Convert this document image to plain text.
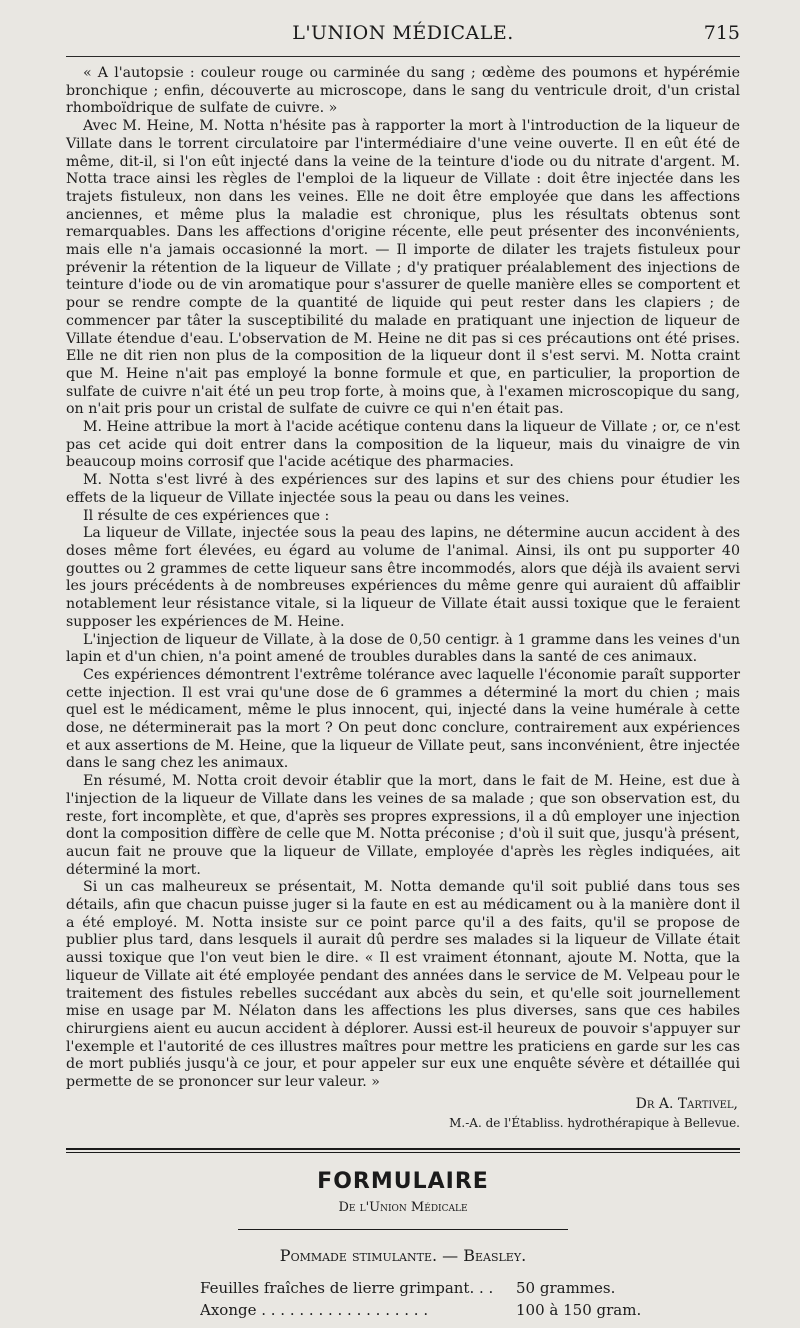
L'UNION MÉDICALE.	715

« A l'autopsie : couleur rouge ou carminée du sang ; œdème des poumons et hypérémie bronchique ; enfin, découverte au microscope, dans le sang du ventricule droit, d'un cristal rhomboïdrique de sulfate de cuivre. »

Avec M. Heine, M. Notta n'hésite pas à rapporter la mort à l'introduction de la liqueur de Villate dans le torrent circulatoire par l'intermédiaire d'une veine ouverte. Il en eût été de même, dit-il, si l'on eût injecté dans la veine de la teinture d'iode ou du nitrate d'argent. M. Notta trace ainsi les règles de l'emploi de la liqueur de Villate : doit être injectée dans les trajets fistuleux, non dans les veines. Elle ne doit être employée que dans les affections anciennes, et même plus la maladie est chronique, plus les résultats obtenus sont remarquables. Dans les affections d'origine récente, elle peut présenter des inconvénients, mais elle n'a jamais occasionné la mort. — Il importe de dilater les trajets fistuleux pour prévenir la rétention de la liqueur de Villate ; d'y pratiquer préalablement des injections de teinture d'iode ou de vin aromatique pour s'assurer de quelle manière elles se comportent et pour se rendre compte de la quantité de liquide qui peut rester dans les clapiers ; de commencer par tâter la susceptibilité du malade en pratiquant une injection de liqueur de Villate étendue d'eau. L'observation de M. Heine ne dit pas si ces précautions ont été prises. Elle ne dit rien non plus de la composition de la liqueur dont il s'est servi. M. Notta craint que M. Heine n'ait pas employé la bonne formule et que, en particulier, la proportion de sulfate de cuivre n'ait été un peu trop forte, à moins que, à l'examen microscopique du sang, on n'ait pris pour un cristal de sulfate de cuivre ce qui n'en était pas.

M. Heine attribue la mort à l'acide acétique contenu dans la liqueur de Villate ; or, ce n'est pas cet acide qui doit entrer dans la composition de la liqueur, mais du vinaigre de vin beaucoup moins corrosif que l'acide acétique des pharmacies.

M. Notta s'est livré à des expériences sur des lapins et sur des chiens pour étudier les effets de la liqueur de Villate injectée sous la peau ou dans les veines.

Il résulte de ces expériences que :

La liqueur de Villate, injectée sous la peau des lapins, ne détermine aucun accident à des doses même fort élevées, eu égard au volume de l'animal. Ainsi, ils ont pu supporter 40 gouttes ou 2 grammes de cette liqueur sans être incommodés, alors que déjà ils avaient servi les jours précédents à de nombreuses expériences du même genre qui auraient dû affaiblir notablement leur résistance vitale, si la liqueur de Villate était aussi toxique que le feraient supposer les expériences de M. Heine.

L'injection de liqueur de Villate, à la dose de 0,50 centigr. à 1 gramme dans les veines d'un lapin et d'un chien, n'a point amené de troubles durables dans la santé de ces animaux.

Ces expériences démontrent l'extrême tolérance avec laquelle l'économie paraît supporter cette injection. Il est vrai qu'une dose de 6 grammes a déterminé la mort du chien ; mais quel est le médicament, même le plus innocent, qui, injecté dans la veine humérale à cette dose, ne déterminerait pas la mort ? On peut donc conclure, contrairement aux expériences et aux assertions de M. Heine, que la liqueur de Villate peut, sans inconvénient, être injectée dans le sang chez les animaux.

En résumé, M. Notta croit devoir établir que la mort, dans le fait de M. Heine, est due à l'injection de la liqueur de Villate dans les veines de sa malade ; que son observation est, du reste, fort incomplète, et que, d'après ses propres expressions, il a dû employer une injection dont la composition diffère de celle que M. Notta préconise ; d'où il suit que, jusqu'à présent, aucun fait ne prouve que la liqueur de Villate, employée d'après les règles indiquées, ait déterminé la mort.

Si un cas malheureux se présentait, M. Notta demande qu'il soit publié dans tous ses détails, afin que chacun puisse juger si la faute en est au médicament ou à la manière dont il a été employé. M. Notta insiste sur ce point parce qu'il a des faits, qu'il se propose de publier plus tard, dans lesquels il aurait dû perdre ses malades si la liqueur de Villate était aussi toxique que l'on veut bien le dire. « Il est vraiment étonnant, ajoute M. Notta, que la liqueur de Villate ait été employée pendant des années dans le service de M. Velpeau pour le traitement des fistules rebelles succédant aux abcès du sein, et qu'elle soit journellement mise en usage par M. Nélaton dans les affections les plus diverses, sans que ces habiles chirurgiens aient eu aucun accident à déplorer. Aussi est-il heureux de pouvoir s'appuyer sur l'exemple et l'autorité de ces illustres maîtres pour mettre les praticiens en garde sur les cas de mort publiés jusqu'à ce jour, et pour appeler sur eux une enquête sévère et détaillée qui permette de se prononcer sur leur valeur. »

Dr A. Tartivel,
M.-A. de l'Établiss. hydrothérapique à Bellevue.
FORMULAIRE
De l'Union Médicale
Pommade stimulante. — Beasley.
Feuilles fraîches de lierre grimpant. . .	50 grammes.
Axonge . . . . . . . . . . . . . . . . . .	100 à 150 gram.
